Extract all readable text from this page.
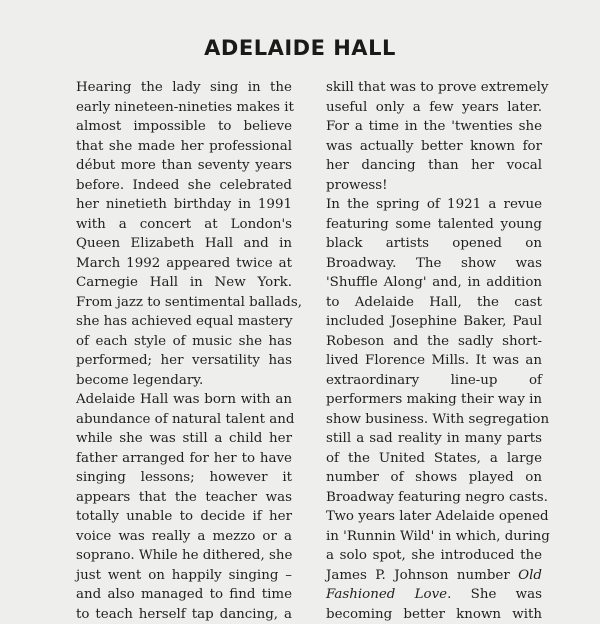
ADELAIDE HALL
Hearing the lady sing in the
early nineteen-nineties makes it
almost impossible to believe
that she made her professional
début more than seventy years
before. Indeed she celebrated
her ninetieth birthday in 1991
with a concert at London's
Queen Elizabeth Hall and in
March 1992 appeared twice at
Carnegie Hall in New York.
From jazz to sentimental ballads,
she has achieved equal mastery
of each style of music she has
performed; her versatility has
become legendary.
Adelaide Hall was born with an
abundance of natural talent and
while she was still a child her
father arranged for her to have
singing lessons; however it
appears that the teacher was
totally unable to decide if her
voice was really a mezzo or a
soprano. While he dithered, she
just went on happily singing –
and also managed to find time
to teach herself tap dancing, a
skill that was to prove extremely
useful only a few years later.
For a time in the 'twenties she
was actually better known for
her dancing than her vocal
prowess!
In the spring of 1921 a revue
featuring some talented young
black artists opened on
Broadway. The show was
'Shuffle Along' and, in addition
to Adelaide Hall, the cast
included Josephine Baker, Paul
Robeson and the sadly short-
lived Florence Mills. It was an
extraordinary line-up of
performers making their way in
show business. With segregation
still a sad reality in many parts
of the United States, a large
number of shows played on
Broadway featuring negro casts.
Two years later Adelaide opened
in 'Runnin Wild' in which, during
a solo spot, she introduced the
James P. Johnson number Old
Fashioned Love. She was
becoming better known with
